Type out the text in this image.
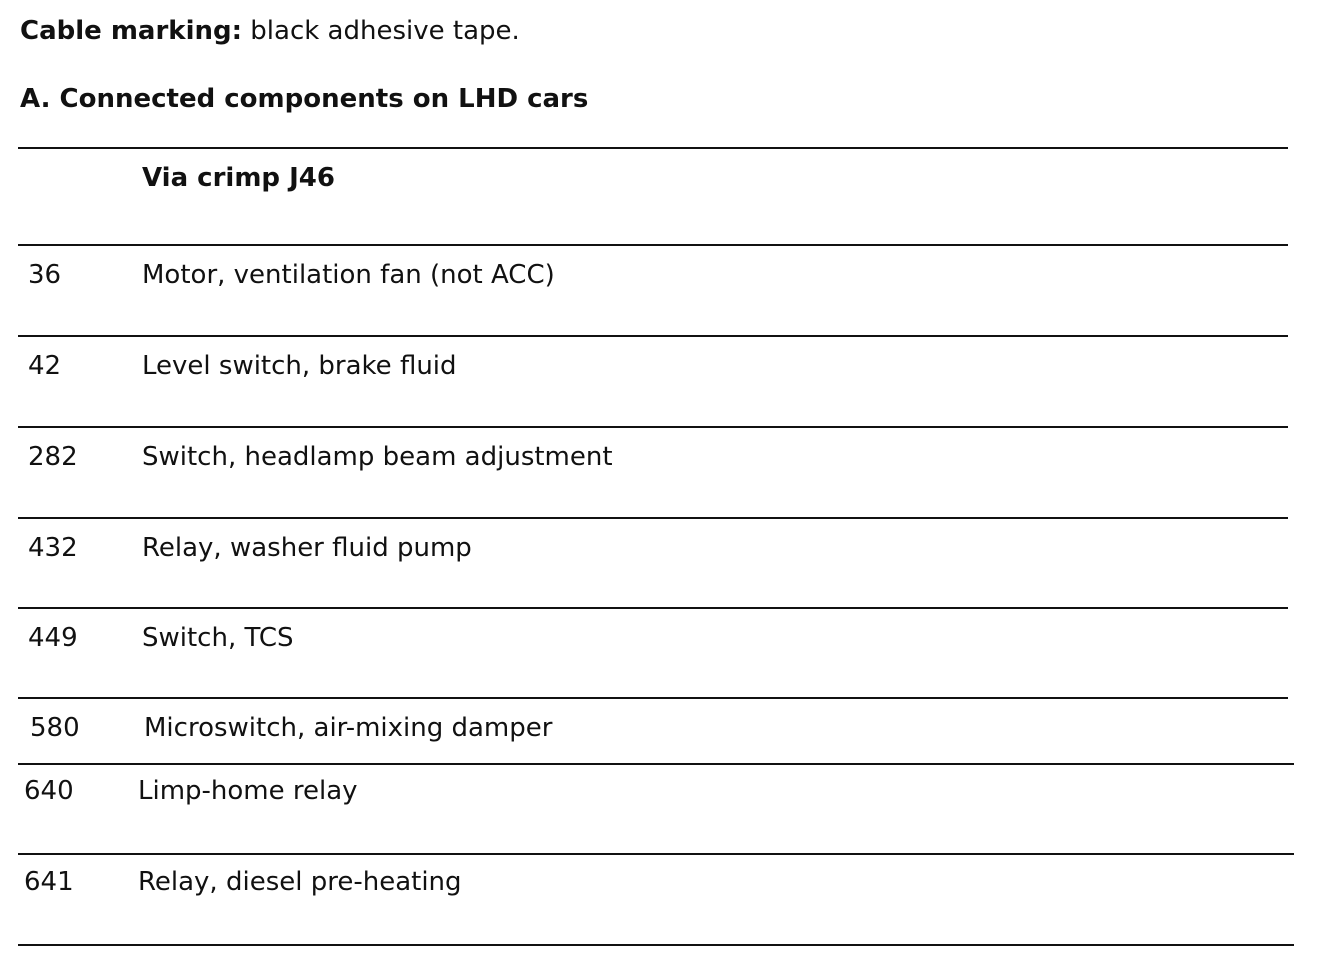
Cable marking: black adhesive tape.
A. Connected components on LHD cars
Via crimp J46
36	Motor, ventilation fan (not ACC)
42	Level switch, brake fluid
282 Switch, headlamp beam adjustment
432 Relay, washer fluid pump
449 Switch, TCS
580 Microswitch, air-mixing damper
640 Limp-home relay
641 Relay, diesel pre-heating
